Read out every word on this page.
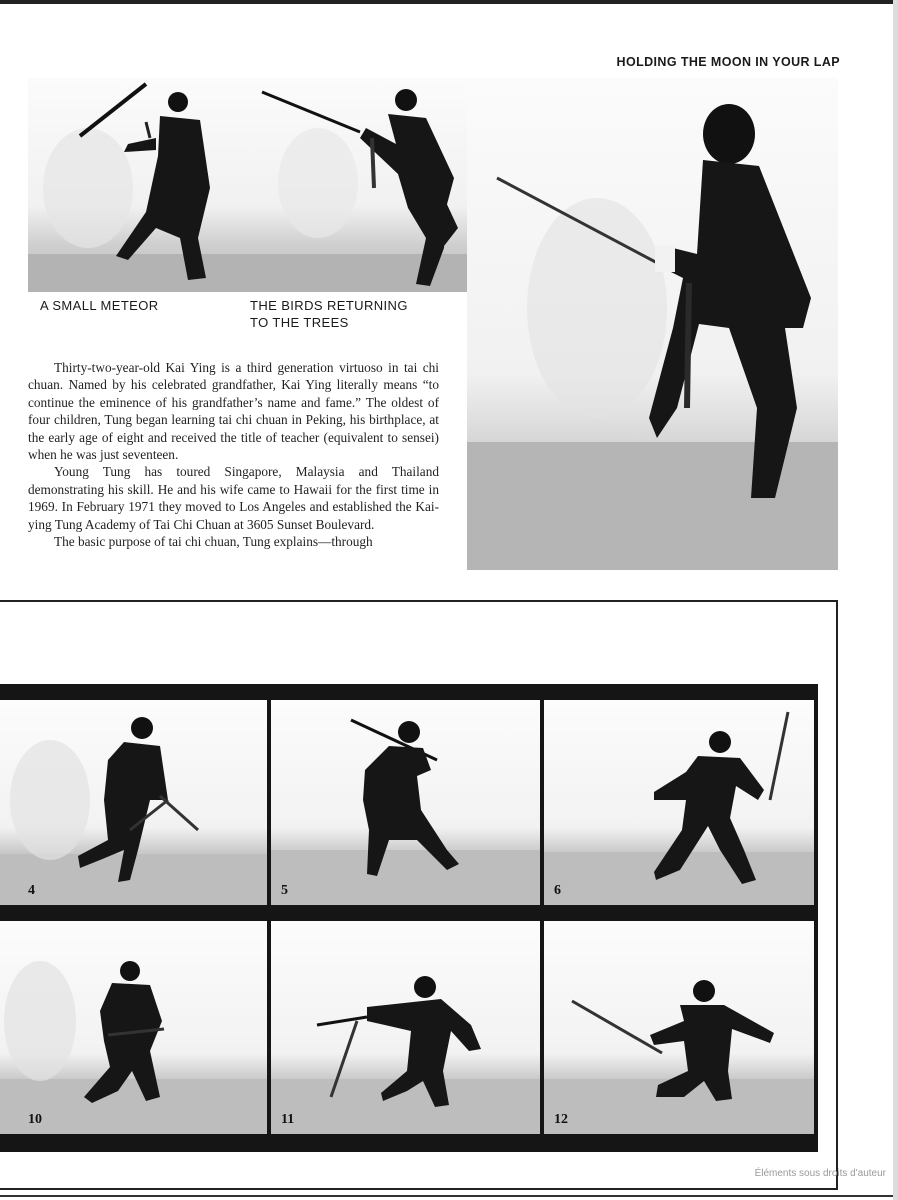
HOLDING THE MOON IN YOUR LAP
A SMALL METEOR	THE BIRDS RETURNING
TO THE TREES

Thirty-two-year-old Kai Ying is a third generation virtuoso in tai chi chuan. Named by his celebrated grandfather, Kai Ying literally means “to continue the eminence of his grandfather’s name and fame.” The oldest of four children, Tung began learning tai chi chuan in Peking, his birthplace, at the early age of eight and received the title of teacher (equivalent to sensei) when he was just seventeen.

Young Tung has toured Singapore, Malaysia and Thailand demonstrating his skill. He and his wife came to Hawaii for the first time in 1969. In February 1971 they moved to Los Angeles and established the Kai-ying Tung Academy of Tai Chi Chuan at 3605 Sunset Boulevard.

The basic purpose of tai chi chuan, Tung explains—through

4	5	6
10	11	12
Éléments sous droits d'auteur
